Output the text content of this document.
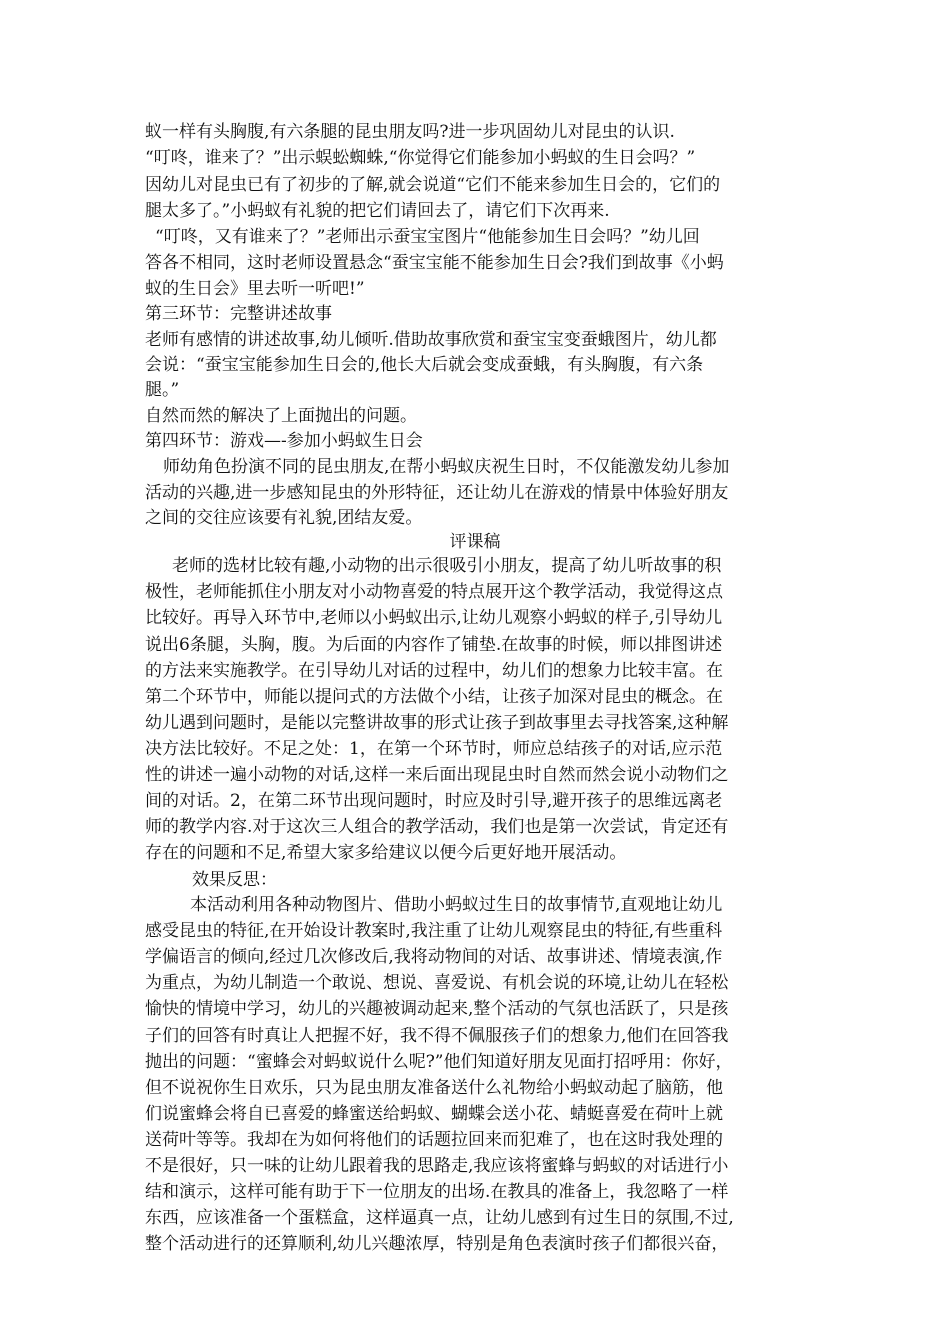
蚁一样有头胸腹,有六条腿的昆虫朋友吗?进一步巩固幼儿对昆虫的认识.

“叮咚，谁来了？”出示蜈蚣蜘蛛,“你觉得它们能参加小蚂蚁的生日会吗？”

因幼儿对昆虫已有了初步的了解,就会说道“它们不能来参加生日会的，它们的

腿太多了。”小蚂蚁有礼貌的把它们请回去了，请它们下次再来.

“叮咚，又有谁来了？”老师出示蚕宝宝图片“他能参加生日会吗？”幼儿回

答各不相同，这时老师设置悬念“蚕宝宝能不能参加生日会?我们到故事《小蚂

蚁的生日会》里去听一听吧!”

第三环节：完整讲述故事

老师有感情的讲述故事,幼儿倾听.借助故事欣赏和蚕宝宝变蚕蛾图片，幼儿都

会说：“蚕宝宝能参加生日会的,他长大后就会变成蚕蛾，有头胸腹，有六条

腿。”

自然而然的解决了上面抛出的问题。

第四环节：游戏—-参加小蚂蚁生日会

师幼角色扮演不同的昆虫朋友,在帮小蚂蚁庆祝生日时，不仅能激发幼儿参加

活动的兴趣,进一步感知昆虫的外形特征，还让幼儿在游戏的情景中体验好朋友

之间的交往应该要有礼貌,团结友爱。

评课稿

老师的选材比较有趣,小动物的出示很吸引小朋友，提高了幼儿听故事的积

极性，老师能抓住小朋友对小动物喜爱的特点展开这个教学活动，我觉得这点

比较好。再导入环节中,老师以小蚂蚁出示,让幼儿观察小蚂蚁的样子,引导幼儿

说出6条腿，头胸，腹。为后面的内容作了铺垫.在故事的时候，师以排图讲述

的方法来实施教学。在引导幼儿对话的过程中，幼儿们的想象力比较丰富。在

第二个环节中，师能以提问式的方法做个小结，让孩子加深对昆虫的概念。在

幼儿遇到问题时，是能以完整讲故事的形式让孩子到故事里去寻找答案,这种解

决方法比较好。不足之处：1，在第一个环节时，师应总结孩子的对话,应示范

性的讲述一遍小动物的对话,这样一来后面出现昆虫时自然而然会说小动物们之

间的对话。2，在第二环节出现问题时，时应及时引导,避开孩子的思维远离老

师的教学内容.对于这次三人组合的教学活动，我们也是第一次尝试，肯定还有

存在的问题和不足,希望大家多给建议以便今后更好地开展活动。

效果反思：

本活动利用各种动物图片、借助小蚂蚁过生日的故事情节,直观地让幼儿

感受昆虫的特征,在开始设计教案时,我注重了让幼儿观察昆虫的特征,有些重科

学偏语言的倾向,经过几次修改后,我将动物间的对话、故事讲述、情境表演,作

为重点，为幼儿制造一个敢说、想说、喜爱说、有机会说的环境,让幼儿在轻松

愉快的情境中学习，幼儿的兴趣被调动起来,整个活动的气氛也活跃了，只是孩

子们的回答有时真让人把握不好，我不得不佩服孩子们的想象力,他们在回答我

抛出的问题：“蜜蜂会对蚂蚁说什么呢?”他们知道好朋友见面打招呼用：你好，

但不说祝你生日欢乐，只为昆虫朋友准备送什么礼物给小蚂蚁动起了脑筋，他

们说蜜蜂会将自已喜爱的蜂蜜送给蚂蚁、蝴蝶会送小花、蜻蜓喜爱在荷叶上就

送荷叶等等。我却在为如何将他们的话题拉回来而犯难了，也在这时我处理的

不是很好，只一味的让幼儿跟着我的思路走,我应该将蜜蜂与蚂蚁的对话进行小

结和演示，这样可能有助于下一位朋友的出场.在教具的准备上，我忽略了一样

东西，应该准备一个蛋糕盒，这样逼真一点，让幼儿感到有过生日的氛围,不过,

整个活动进行的还算顺利,幼儿兴趣浓厚，特别是角色表演时孩子们都很兴奋，
